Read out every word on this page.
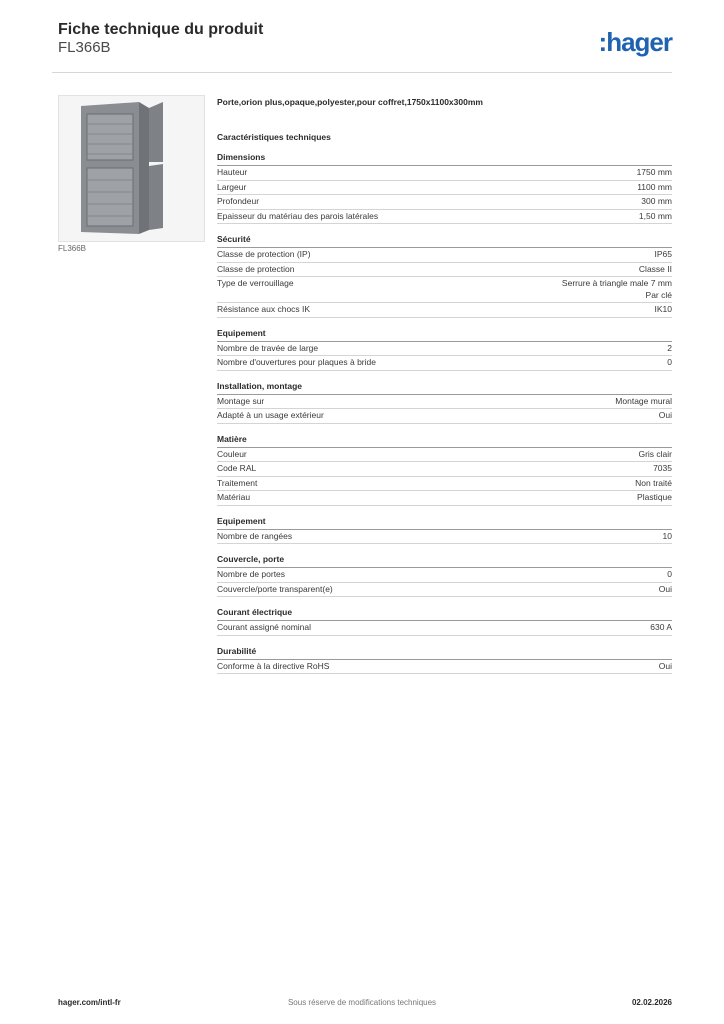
Fiche technique du produit
FL366B	:hager
FL366B
Porte,orion plus,opaque,polyester,pour coffret,1750x1100x300mm
Caractéristiques techniques
Dimensions
Hauteur	1750 mm
Largeur	1100 mm
Profondeur	300 mm
Epaisseur du matériau des parois latérales	1,50 mm
Sécurité
Classe de protection (IP)	IP65
Classe de protection	Classe II
Type de verrouillage	Serrure à triangle male 7 mm
Par clé
Résistance aux chocs IK	IK10
Equipement
Nombre de travée de large	2
Nombre d'ouvertures pour plaques à bride	0
Installation, montage
Montage sur	Montage mural
Adapté à un usage extérieur	Oui
Matière
Couleur	Gris clair
Code RAL	7035
Traitement	Non traité
Matériau	Plastique
Equipement
Nombre de rangées	10
Couvercle, porte
Nombre de portes	0
Couvercle/porte transparent(e)	Oui
Courant électrique
Courant assigné nominal	630 A
Durabilité
Conforme à la directive RoHS	Oui
hager.com/intl-fr	Sous réserve de modifications techniques	02.02.2026
